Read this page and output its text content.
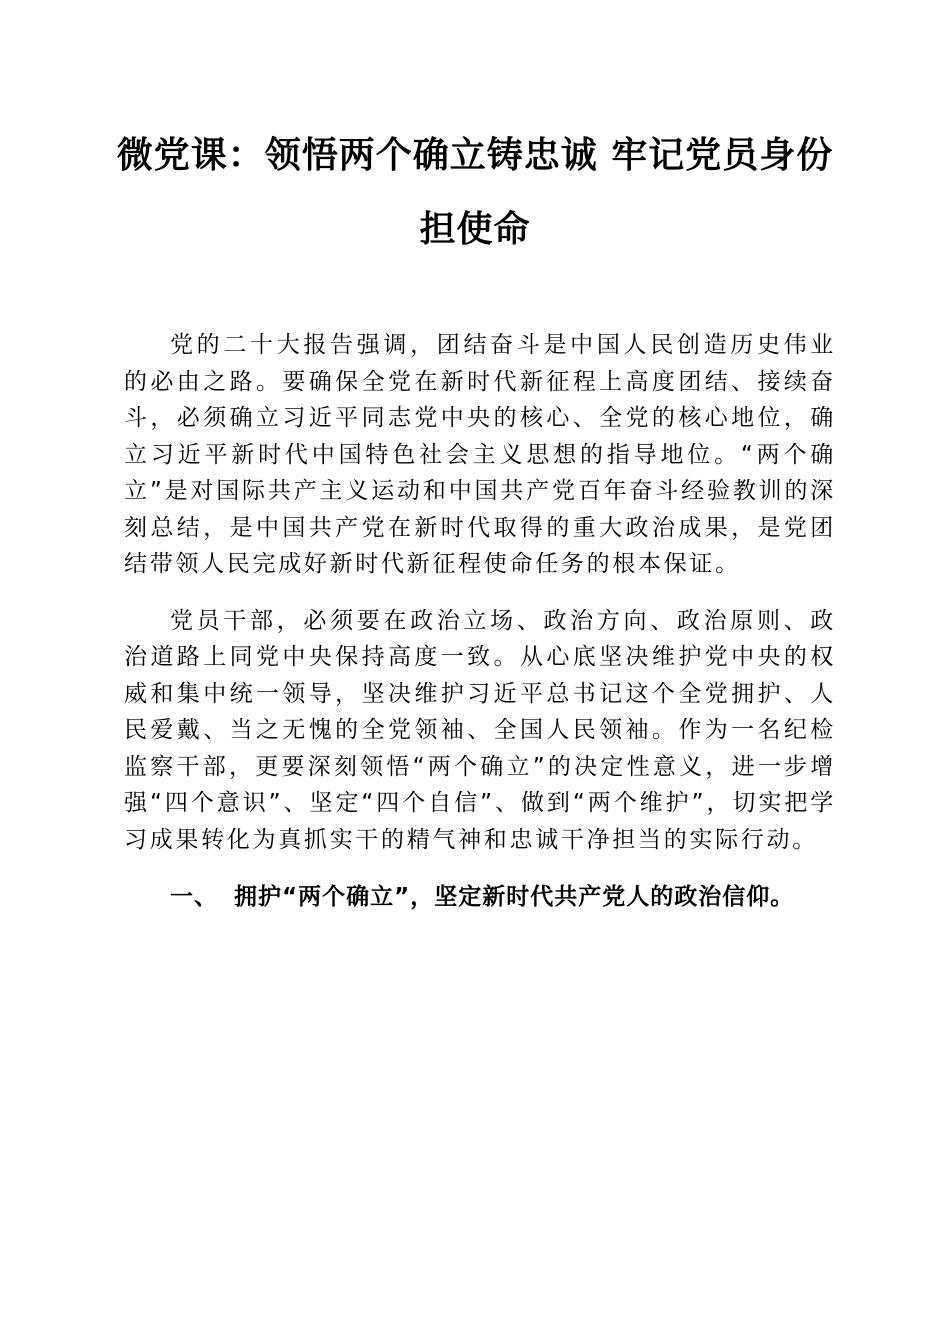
微党课：领悟两个确立铸忠诚 牢记党员身份担使命

党的二十大报告强调，团结奋斗是中国人民创造历史伟业的必由之路。要确保全党在新时代新征程上高度团结、接续奋斗，必须确立习近平同志党中央的核心、全党的核心地位，确立习近平新时代中国特色社会主义思想的指导地位。“两个确立”是对国际共产主义运动和中国共产党百年奋斗经验教训的深刻总结，是中国共产党在新时代取得的重大政治成果，是党团结带领人民完成好新时代新征程使命任务的根本保证。

党员干部，必须要在政治立场、政治方向、政治原则、政治道路上同党中央保持高度一致。从心底坚决维护党中央的权威和集中统一领导，坚决维护习近平总书记这个全党拥护、人民爱戴、当之无愧的全党领袖、全国人民领袖。作为一名纪检监察干部，更要深刻领悟“两个确立”的决定性意义，进一步增强“四个意识”、坚定“四个自信”、做到“两个维护”，切实把学习成果转化为真抓实干的精气神和忠诚干净担当的实际行动。

一、 拥护“两个确立”，坚定新时代共产党人的政治信仰。
